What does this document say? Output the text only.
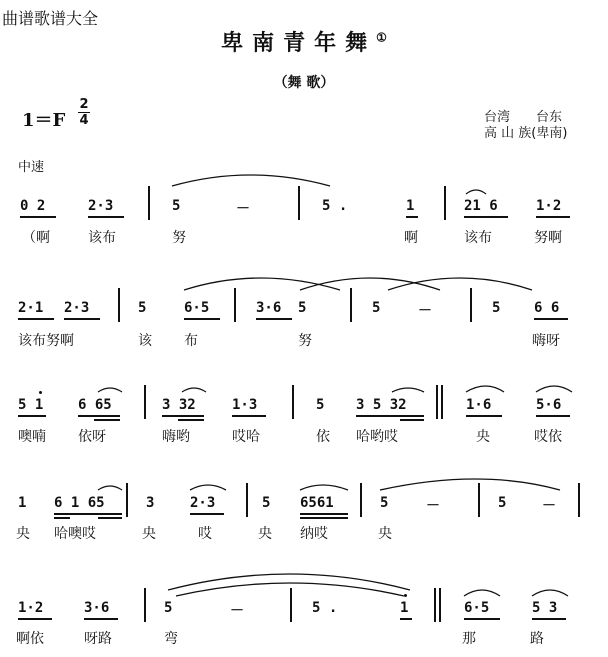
曲谱歌谱大全
卑南青年舞①
（舞 歌）
1＝F
2
4	台湾　　台东
高 山 族(卑南)
中速
0 2	2·3	5	－	5 .	1	21 6	1·2
（啊	该布	努	啊	该布	努啊
2·1 2·3	5	6·5	3·6 5	5	－	5 6 6
该布努啊	该 布	努	嗨呀
5 1 6 65	3 32	1·3	5 3 5 32	1·6	5·6
噢喃 依呀	嗨哟	哎哈	依 哈哟哎	央	哎依
1 6 1 65	3	2·3	5 6561	5	－	5	－
央 哈噢哎	央	哎	央 纳哎	央
1·2	3·6	5	－	5 .	1	6·5	5 3
啊依	呀路	弯	那	路
